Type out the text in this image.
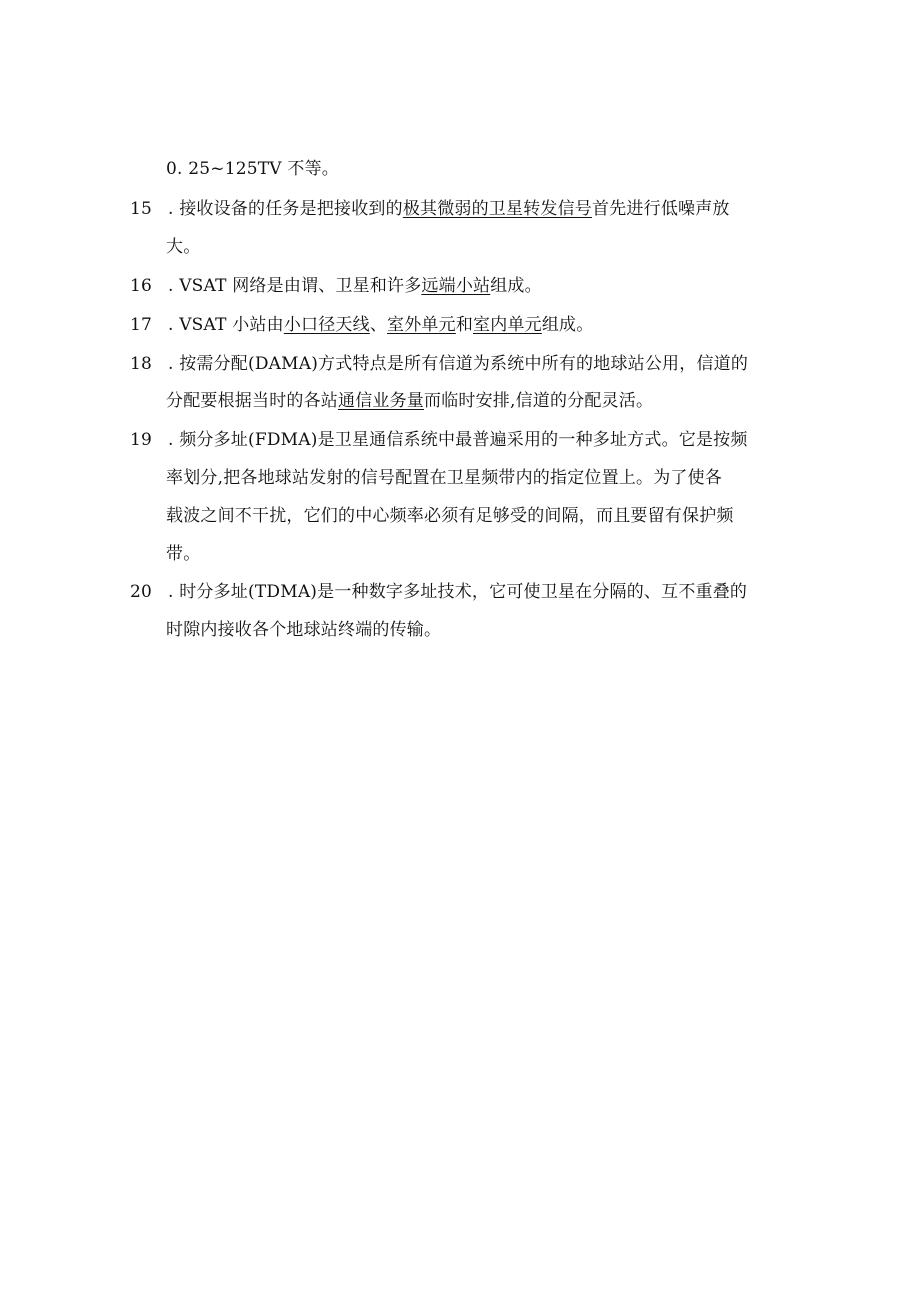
0. 25~125TV 不等。
15 . 接收设备的任务是把接收到的极其微弱的卫星转发信号首先进行低噪声放
大。
16 . VSAT 网络是由谓、卫星和许多远端小站组成。
17 . VSAT 小站由小口径天线、室外单元和室内单元组成。
18 . 按需分配(DAMA)方式特点是所有信道为系统中所有的地球站公用，信道的
分配要根据当时的各站通信业务量而临时安排,信道的分配灵活。
19 . 频分多址(FDMA)是卫星通信系统中最普遍采用的一种多址方式。它是按频
率划分,把各地球站发射的信号配置在卫星频带内的指定位置上。为了使各
载波之间不干扰，它们的中心频率必须有足够受的间隔，而且要留有保护频
带。
20 . 时分多址(TDMA)是一种数字多址技术，它可使卫星在分隔的、互不重叠的
时隙内接收各个地球站终端的传输。
